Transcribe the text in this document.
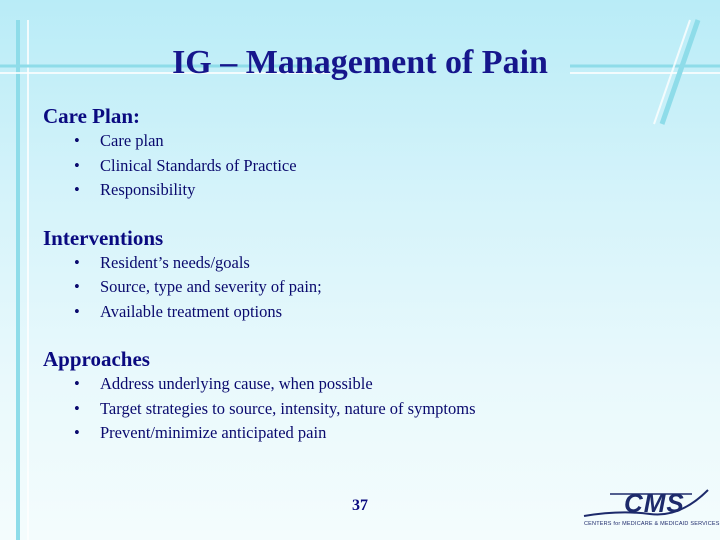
IG – Management of Pain
Care Plan:
• Care plan
• Clinical Standards of Practice
• Responsibility
Interventions
• Resident’s needs/goals
• Source, type and severity of pain;
• Available treatment options
Approaches
• Address underlying cause, when possible
• Target strategies to source, intensity, nature of symptoms
• Prevent/minimize anticipated pain
37	CMS
CENTERS for MEDICARE & MEDICAID SERVICES
